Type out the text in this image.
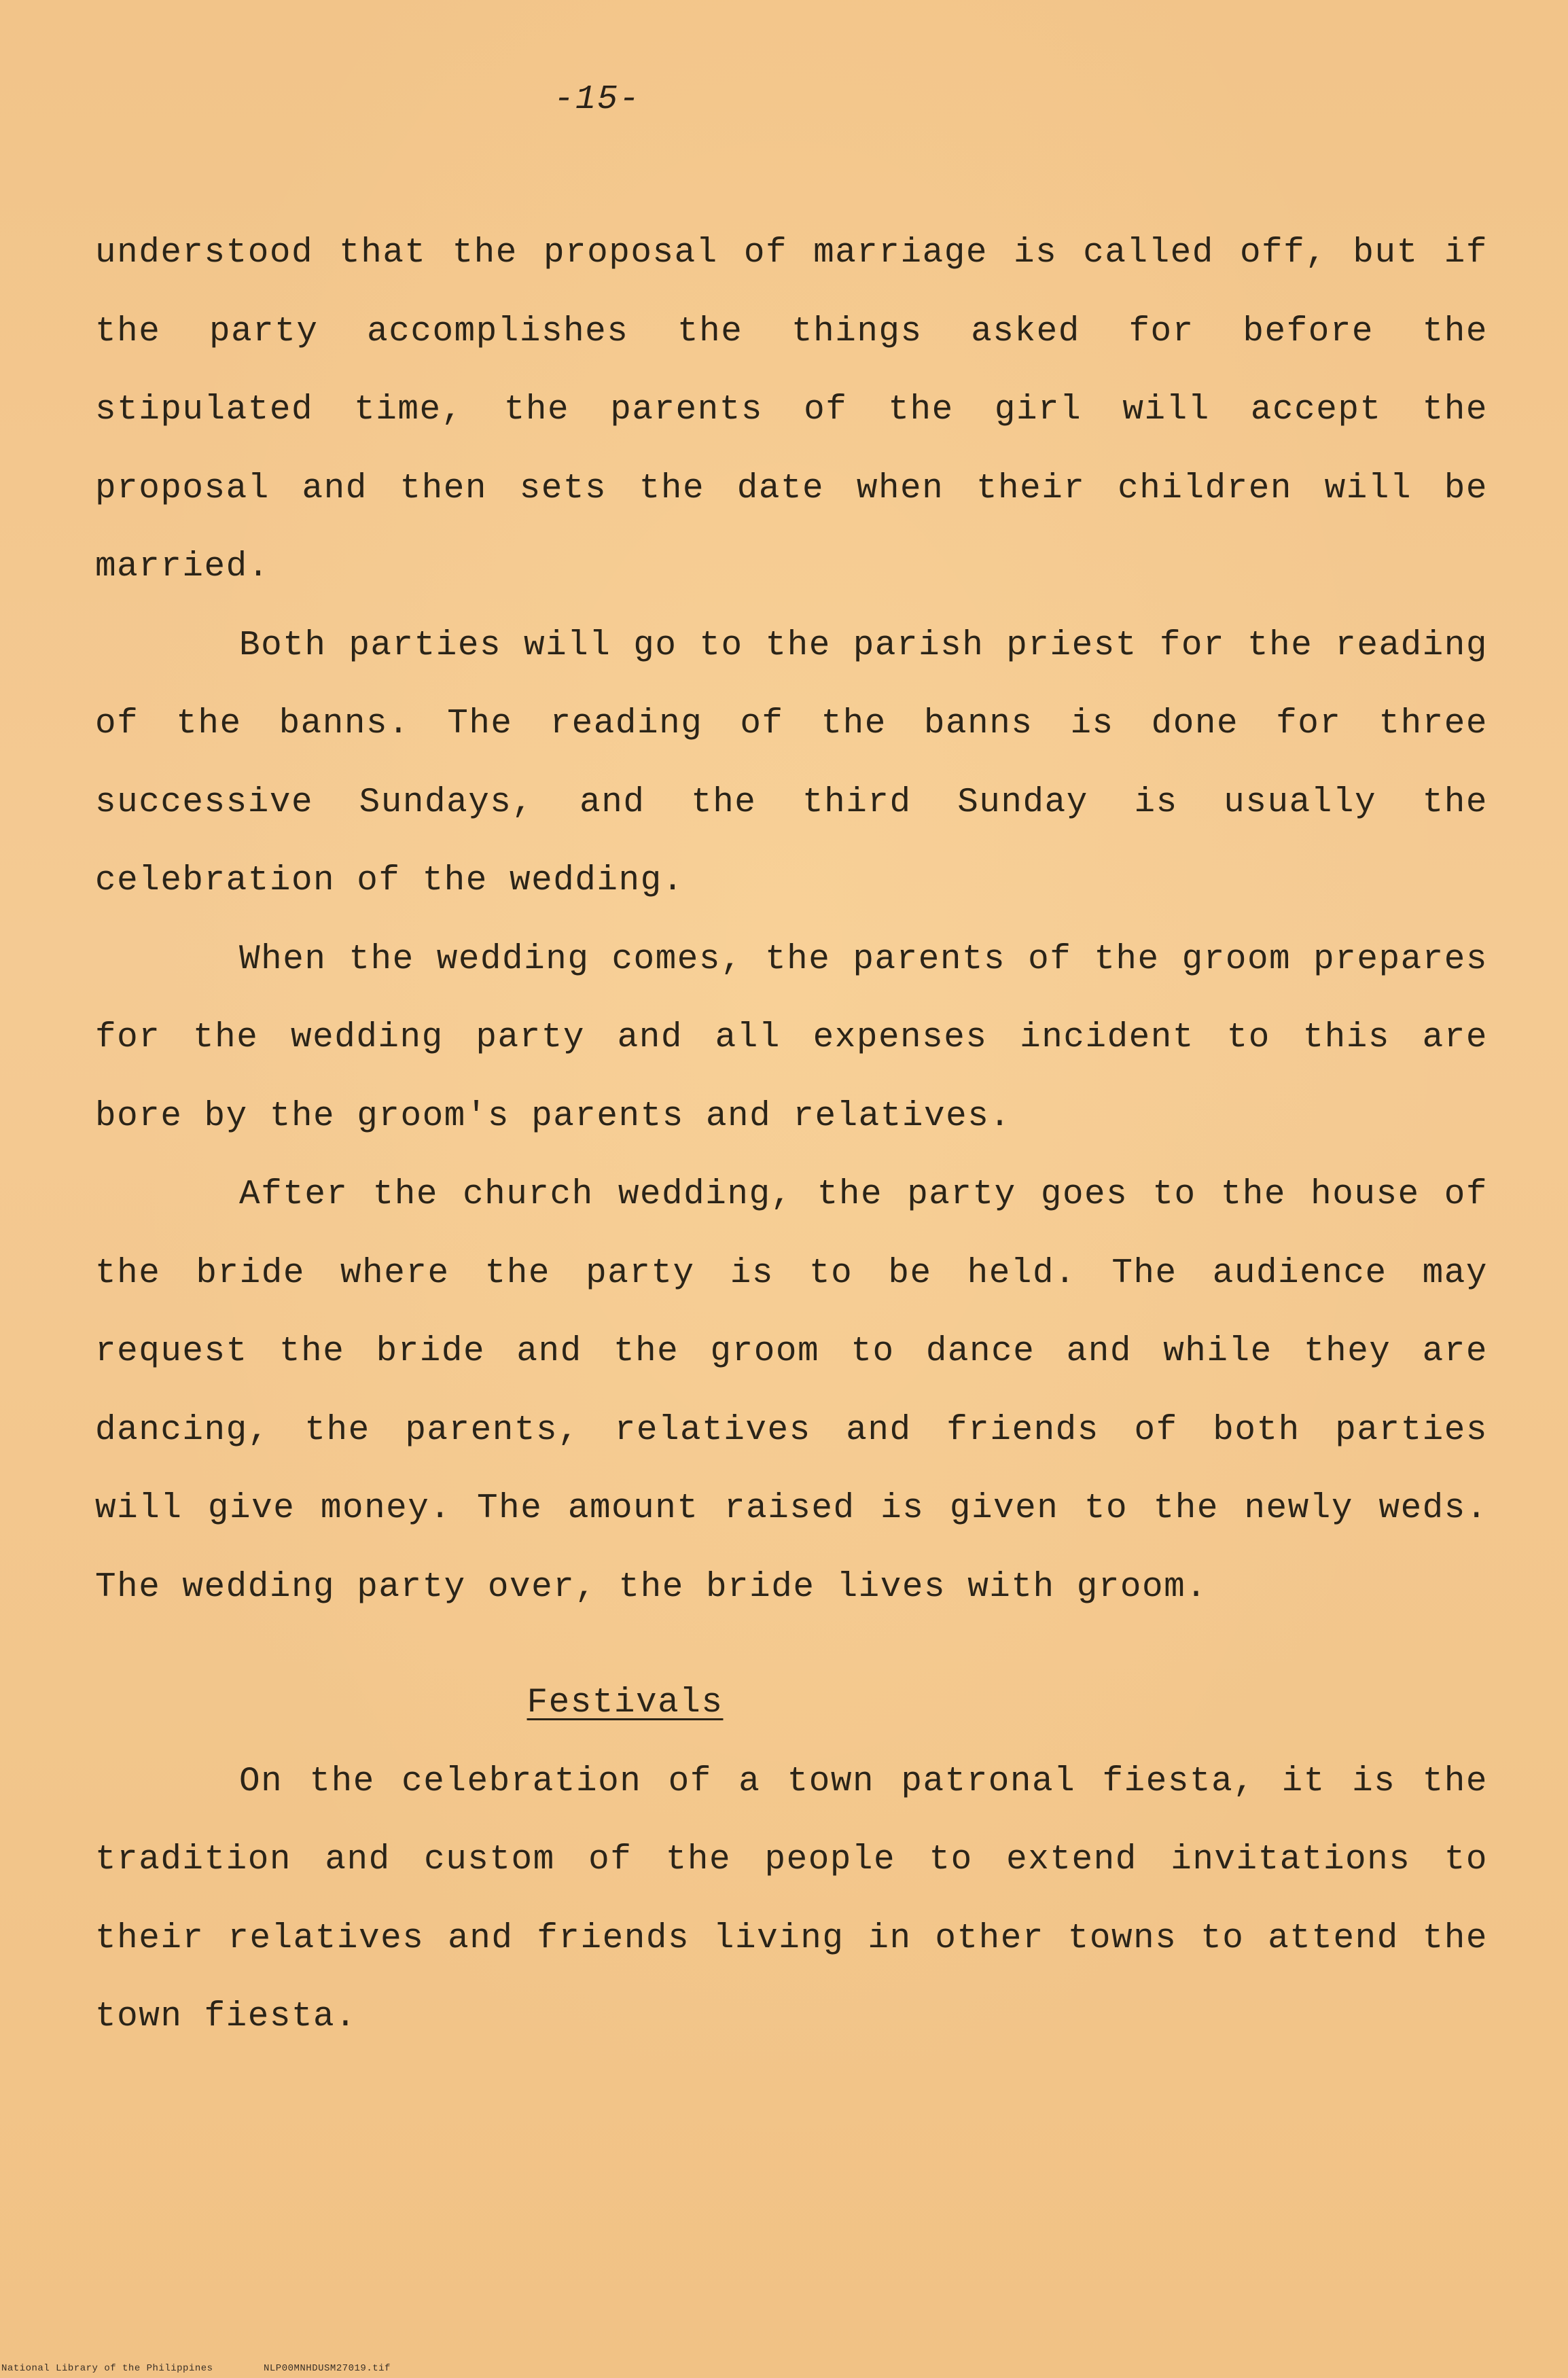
-15-

understood that the proposal of marriage is called off, but if the party accomplishes the things asked for before the stipulated time, the parents of the girl will accept the proposal and then sets the date when their children will be married.

Both parties will go to the parish priest for the reading of the banns. The reading of the banns is done for three successive Sundays, and the third Sunday is usually the celebration of the wedding.

When the wedding comes, the parents of the groom prepares for the wedding party and all expenses incident to this are bore by the groom's parents and relatives.

After the church wedding, the party goes to the house of the bride where the party is to be held. The audience may request the bride and the groom to dance and while they are dancing, the parents, relatives and friends of both parties will give money. The amount raised is given to the newly weds. The wedding party over, the bride lives with groom.

Festivals

On the celebration of a town patronal fiesta, it is the tradition and custom of the people to extend invitations to their relatives and friends living in other towns to attend the town fiesta.

National Library of the Philippines	NLP00MNHDUSM27019.tif
